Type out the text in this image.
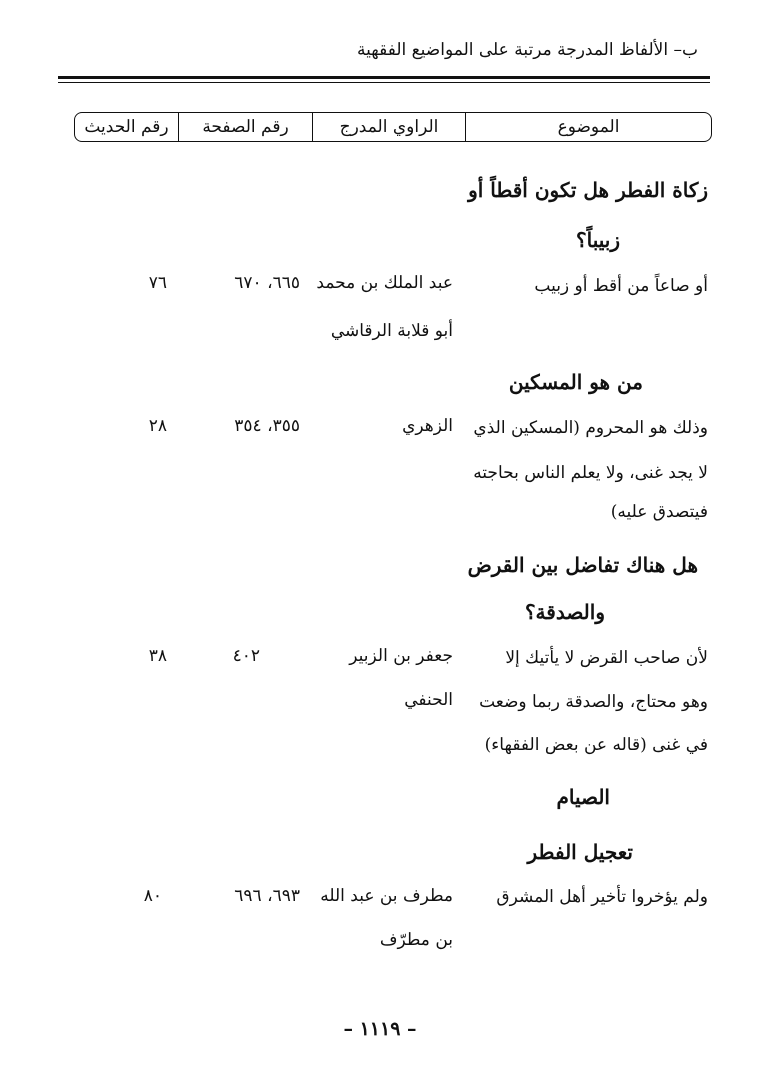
ب– الألفاظ المدرجة مرتبة على المواضيع الفقهية
الموضوع
الراوي المدرج
رقم الصفحة
رقم الحديث
زكاة الفطر هل تكون أقطاً أو
زبيباً؟
أو صاعاً من أقط أو زبيب
عبد الملك بن محمد
أبو قلابة الرقاشي
٦٦٥، ٦٧٠
٧٦
من هو المسكين
وذلك هو المحروم (المسكين الذي
لا يجد غنى، ولا يعلم الناس بحاجته
فيتصدق عليه)
الزهري
٣٥٥، ٣٥٤
٢٨
هل هناك تفاضل بين القرض
والصدقة؟
لأن صاحب القرض لا يأتيك إلا
وهو محتاج، والصدقة ربما وضعت
في غنى (قاله عن بعض الفقهاء)
جعفر بن الزبير
الحنفي
٤٠٢
٣٨
الصيام
تعجيل الفطر
ولم يؤخروا تأخير أهل المشرق
مطرف بن عبد الله
بن مطرّف
٦٩٣، ٦٩٦
٨٠
– ١١١٩ –
